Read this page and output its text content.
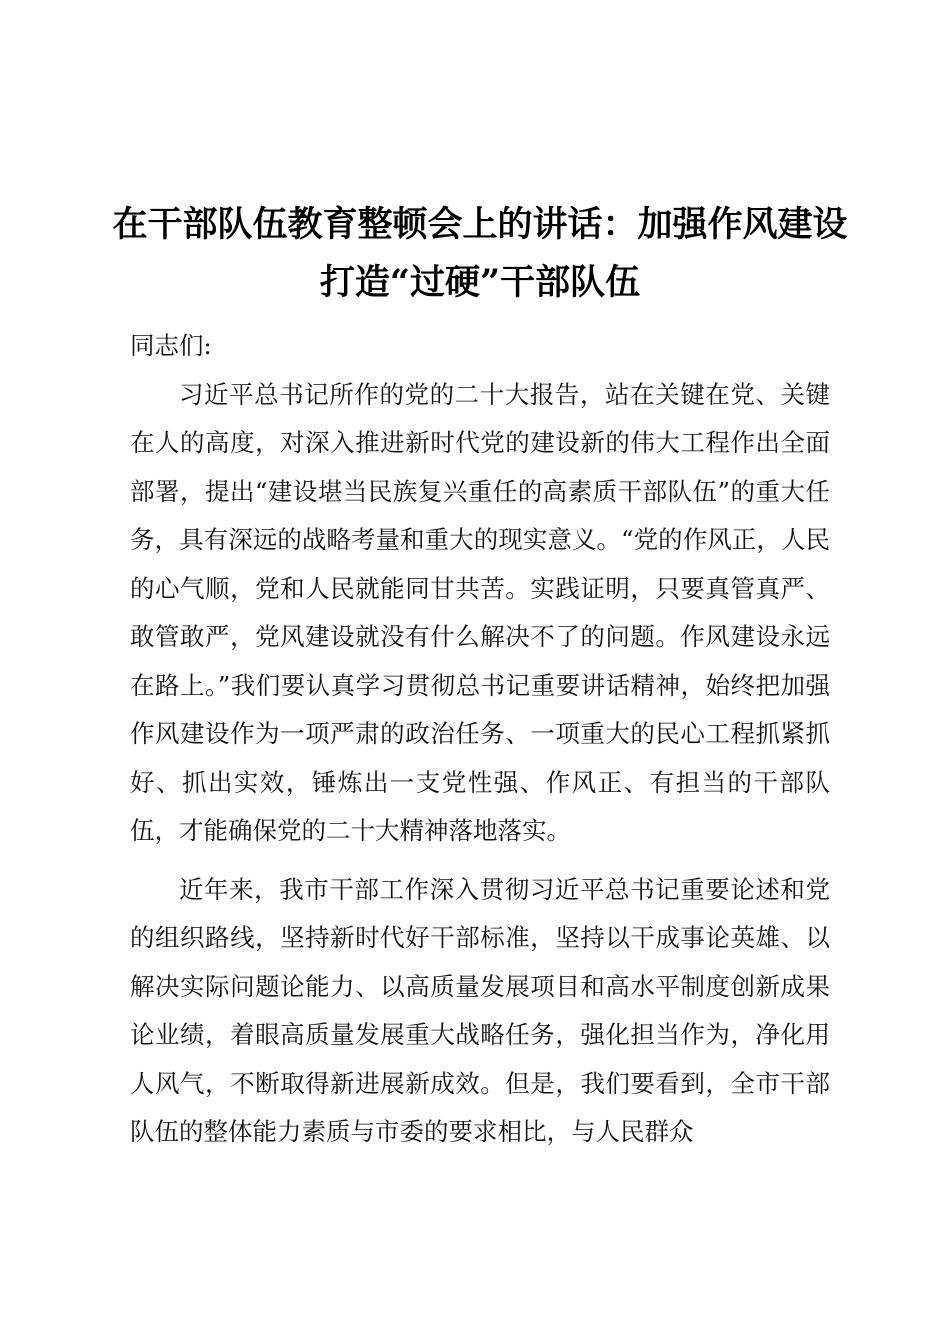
在干部队伍教育整顿会上的讲话：加强作风建设打造“过硬”干部队伍

同志们:

习近平总书记所作的党的二十大报告，站在关键在党、关键在人的高度，对深入推进新时代党的建设新的伟大工程作出全面部署，提出“建设堪当民族复兴重任的高素质干部队伍”的重大任务，具有深远的战略考量和重大的现实意义。“党的作风正，人民的心气顺，党和人民就能同甘共苦。实践证明，只要真管真严、敢管敢严，党风建设就没有什么解决不了的问题。作风建设永远在路上。”我们要认真学习贯彻总书记重要讲话精神，始终把加强作风建设作为一项严肃的政治任务、一项重大的民心工程抓紧抓好、抓出实效，锤炼出一支党性强、作风正、有担当的干部队伍，才能确保党的二十大精神落地落实。

近年来，我市干部工作深入贯彻习近平总书记重要论述和党的组织路线，坚持新时代好干部标准，坚持以干成事论英雄、以解决实际问题论能力、以高质量发展项目和高水平制度创新成果论业绩，着眼高质量发展重大战略任务，强化担当作为，净化用人风气，不断取得新进展新成效。但是，我们要看到，全市干部队伍的整体能力素质与市委的要求相比，与人民群众
